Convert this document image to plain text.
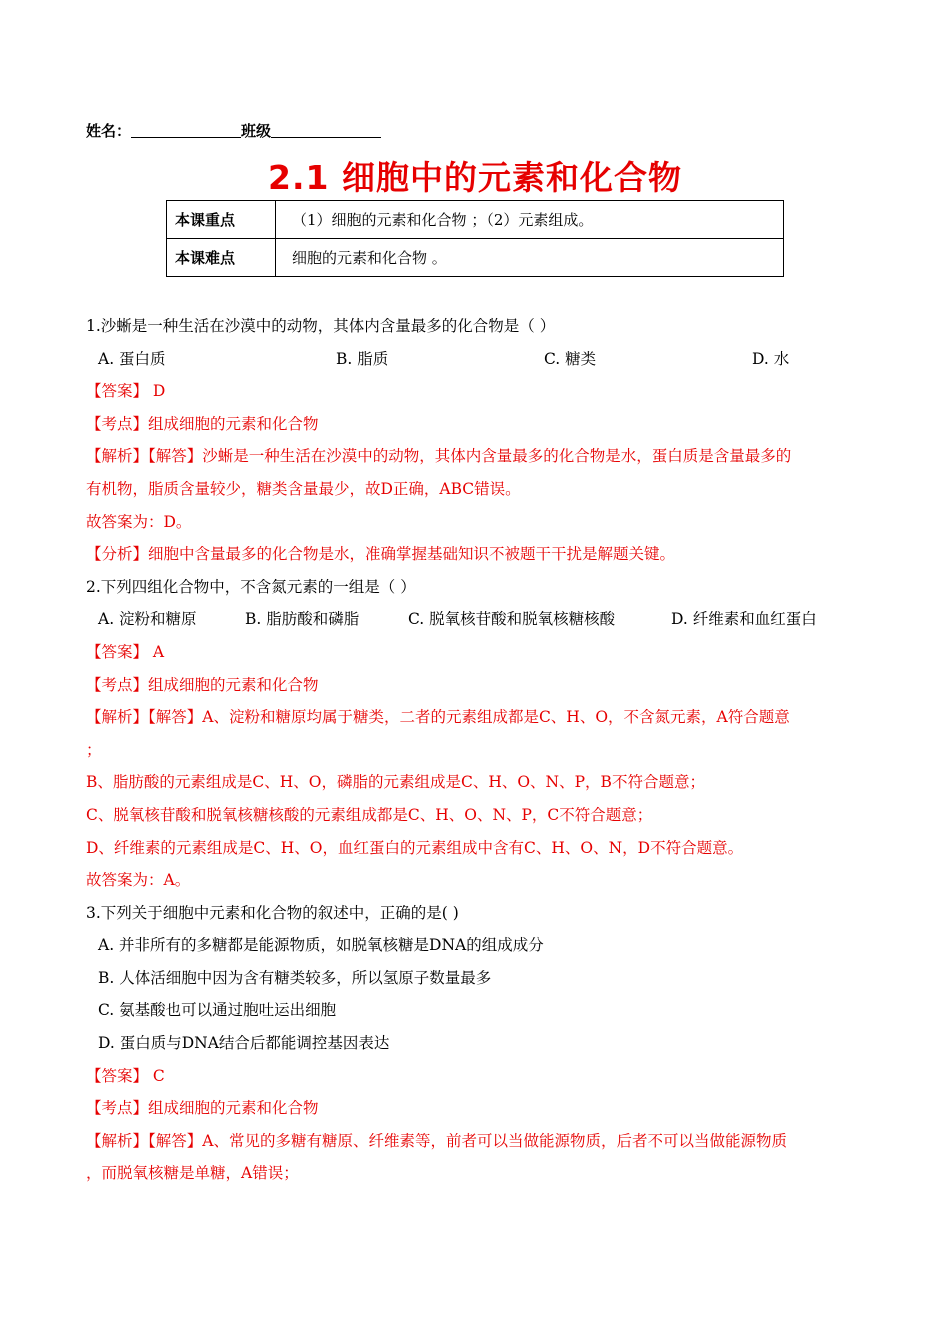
姓名：	班级
2.1 细胞中的元素和化合物
本课重点	（1）细胞的元素和化合物 ；（2）元素组成。
本课难点	细胞的元素和化合物 。
1.沙蜥是一种生活在沙漠中的动物，其体内含量最多的化合物是（ ）
A. 蛋白质	B. 脂质	C. 糖类	D. 水
【答案】 D
【考点】组成细胞的元素和化合物
【解析】【解答】沙蜥是一种生活在沙漠中的动物，其体内含量最多的化合物是水，蛋白质是含量最多的
有机物，脂质含量较少，糖类含量最少，故D正确，ABC错误。
故答案为：D。
【分析】细胞中含量最多的化合物是水，准确掌握基础知识不被题干干扰是解题关键。
2.下列四组化合物中，不含氮元素的一组是（ ）
A. 淀粉和糖原	B. 脂肪酸和磷脂	C. 脱氧核苷酸和脱氧核糖核酸	D. 纤维素和血红蛋白
【答案】 A
【考点】组成细胞的元素和化合物
【解析】【解答】A、淀粉和糖原均属于糖类，二者的元素组成都是C、H、O，不含氮元素，A符合题意
；
B、脂肪酸的元素组成是C、H、O，磷脂的元素组成是C、H、O、N、P，B不符合题意；
C、脱氧核苷酸和脱氧核糖核酸的元素组成都是C、H、O、N、P，C不符合题意；
D、纤维素的元素组成是C、H、O，血红蛋白的元素组成中含有C、H、O、N，D不符合题意。
故答案为：A。
3.下列关于细胞中元素和化合物的叙述中，正确的是( )
A. 并非所有的多糖都是能源物质，如脱氧核糖是DNA的组成成分
B. 人体活细胞中因为含有糖类较多，所以氢原子数量最多
C. 氨基酸也可以通过胞吐运出细胞
D. 蛋白质与DNA结合后都能调控基因表达
【答案】 C
【考点】组成细胞的元素和化合物
【解析】【解答】A、常见的多糖有糖原、纤维素等，前者可以当做能源物质，后者不可以当做能源物质
，而脱氧核糖是单糖，A错误；
